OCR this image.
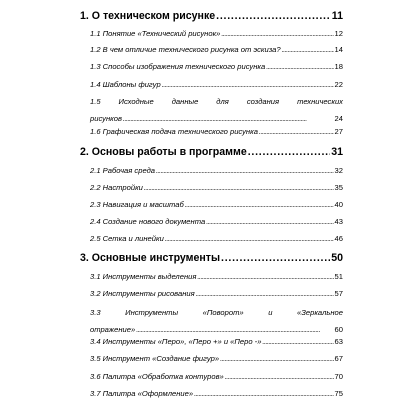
1. О техническом рисунке . . .	11
1.1 Понятие «Технический рисунок» . . .	12
1.2 В чем отличие технического рисунка от эскиза? . . .	14
1.3 Способы изображения технического рисунка . . .	18
1.4 Шаблоны фигур . . .	22
1.5 Исходные данные для создания технических
рисунков . . .	24
1.6 Графическая подача технического рисунка . . .	27
2. Основы работы в программе . . .	31
2.1 Рабочая среда . . .	32
2.2 Настройки . . .	35
2.3 Навигация и масштаб . . .	40
2.4 Создание нового документа . . .	43
2.5 Сетка и линейки . . .	46
3. Основные инструменты . . .	50
3.1 Инструменты выделения . . .	51
3.2 Инструменты рисования . . .	57
3.3	Инструменты	«Поворот»	и	«Зеркальное
отражение» . . .	60
3.4 Инструменты «Перо», «Перо +» и «Перо -» . . .	63
3.5 Инструмент «Создание фигур» . . .	67
3.6 Палитра «Обработка контуров» . . .	70
3.7 Палитра «Оформление» . . .	75
